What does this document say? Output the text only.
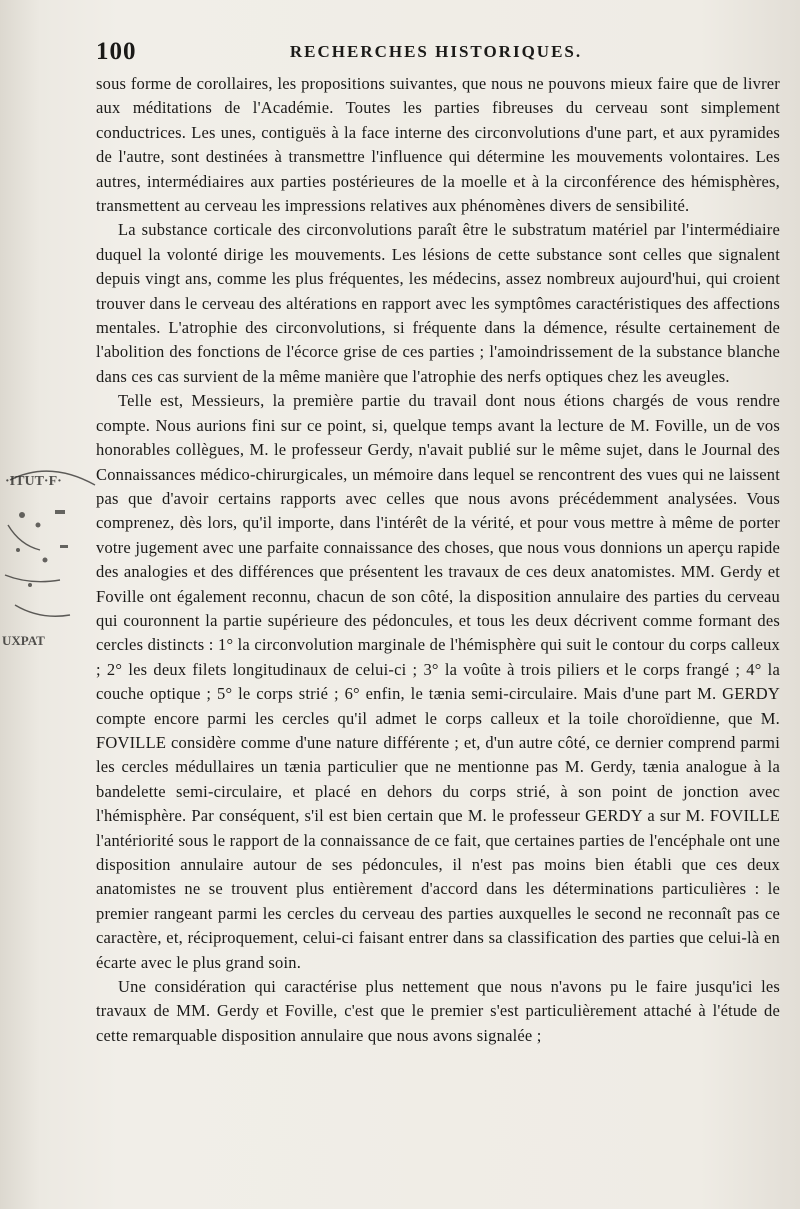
100	RECHERCHES HISTORIQUES.

sous forme de corollaires, les propositions suivantes, que nous ne pouvons mieux faire que de livrer aux méditations de l'Académie. Toutes les parties fibreuses du cerveau sont simplement conductrices. Les unes, contiguës à la face interne des circonvolutions d'une part, et aux pyramides de l'autre, sont destinées à transmettre l'influence qui détermine les mouvements volontaires. Les autres, intermédiaires aux parties postérieures de la moelle et à la circonférence des hémisphères, transmettent au cerveau les impressions relatives aux phénomènes divers de sensibilité.

La substance corticale des circonvolutions paraît être le substratum matériel par l'intermédiaire duquel la volonté dirige les mouvements. Les lésions de cette substance sont celles que signalent depuis vingt ans, comme les plus fréquentes, les médecins, assez nombreux aujourd'hui, qui croient trouver dans le cerveau des altérations en rapport avec les symptômes caractéristiques des affections mentales. L'atrophie des circonvolutions, si fréquente dans la démence, résulte certainement de l'abolition des fonctions de l'écorce grise de ces parties ; l'amoindrissement de la substance blanche dans ces cas survient de la même manière que l'atrophie des nerfs optiques chez les aveugles.

Telle est, Messieurs, la première partie du travail dont nous étions chargés de vous rendre compte. Nous aurions fini sur ce point, si, quelque temps avant la lecture de M. Foville, un de vos honorables collègues, M. le professeur Gerdy, n'avait publié sur le même sujet, dans le Journal des Connaissances médico-chirurgicales, un mémoire dans lequel se rencontrent des vues qui ne laissent pas que d'avoir certains rapports avec celles que nous avons précédemment analysées. Vous comprenez, dès lors, qu'il importe, dans l'intérêt de la vérité, et pour vous mettre à même de porter votre jugement avec une parfaite connaissance des choses, que nous vous donnions un aperçu rapide des analogies et des différences que présentent les travaux de ces deux anatomistes. MM. Gerdy et Foville ont également reconnu, chacun de son côté, la disposition annulaire des parties du cerveau qui couronnent la partie supérieure des pédoncules, et tous les deux décrivent comme formant des cercles distincts : 1° la circonvolution marginale de l'hémisphère qui suit le contour du corps calleux ; 2° les deux filets longitudinaux de celui-ci ; 3° la voûte à trois piliers et le corps frangé ; 4° la couche optique ; 5° le corps strié ; 6° enfin, le tænia semi-circulaire. Mais d'une part M. GERDY compte encore parmi les cercles qu'il admet le corps calleux et la toile choroïdienne, que M. FOVILLE considère comme d'une nature différente ; et, d'un autre côté, ce dernier comprend parmi les cercles médullaires un tænia particulier que ne mentionne pas M. Gerdy, tænia analogue à la bandelette semi-circulaire, et placé en dehors du corps strié, à son point de jonction avec l'hémisphère. Par conséquent, s'il est bien certain que M. le professeur GERDY a sur M. FOVILLE l'antériorité sous le rapport de la connaissance de ce fait, que certaines parties de l'encéphale ont une disposition annulaire autour de ses pédoncules, il n'est pas moins bien établi que ces deux anatomistes ne se trouvent plus entièrement d'accord dans les déterminations particulières : le premier rangeant parmi les cercles du cerveau des parties auxquelles le second ne reconnaît pas ce caractère, et, réciproquement, celui-ci faisant entrer dans sa classification des parties que celui-là en écarte avec le plus grand soin.

Une considération qui caractérise plus nettement que nous n'avons pu le faire jusqu'ici les travaux de MM. Gerdy et Foville, c'est que le premier s'est particulièrement attaché à l'étude de cette remarquable disposition annulaire que nous avons signalée ;

·ITUT·F·
UXPAT
